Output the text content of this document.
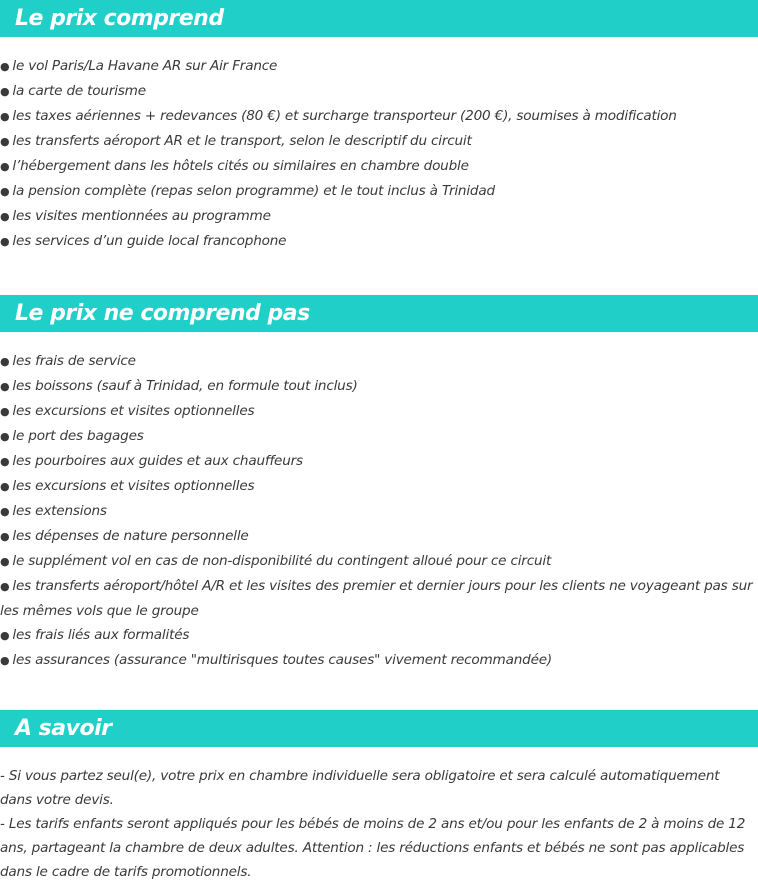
Le prix comprend
● le vol Paris/La Havane AR sur Air France
● la carte de tourisme
● les taxes aériennes + redevances (80 €) et surcharge transporteur (200 €), soumises à modification
● les transferts aéroport AR et le transport, selon le descriptif du circuit
● l’hébergement dans les hôtels cités ou similaires en chambre double
● la pension complète (repas selon programme) et le tout inclus à Trinidad
● les visites mentionnées au programme
● les services d’un guide local francophone
Le prix ne comprend pas
● les frais de service
● les boissons (sauf à Trinidad, en formule tout inclus)
● les excursions et visites optionnelles
● le port des bagages
● les pourboires aux guides et aux chauffeurs
● les excursions et visites optionnelles
● les extensions
● les dépenses de nature personnelle
● le supplément vol en cas de non-disponibilité du contingent alloué pour ce circuit
● les transferts aéroport/hôtel A/R et les visites des premier et dernier jours pour les clients ne voyageant pas sur les mêmes vols que le groupe
● les frais liés aux formalités
● les assurances (assurance "multirisques toutes causes" vivement recommandée)
A savoir

- Si vous partez seul(e), votre prix en chambre individuelle sera obligatoire et sera calculé automatiquement dans votre devis.

- Les tarifs enfants seront appliqués pour les bébés de moins de 2 ans et/ou pour les enfants de 2 à moins de 12 ans, partageant la chambre de deux adultes. Attention : les réductions enfants et bébés ne sont pas applicables dans le cadre de tarifs promotionnels.
